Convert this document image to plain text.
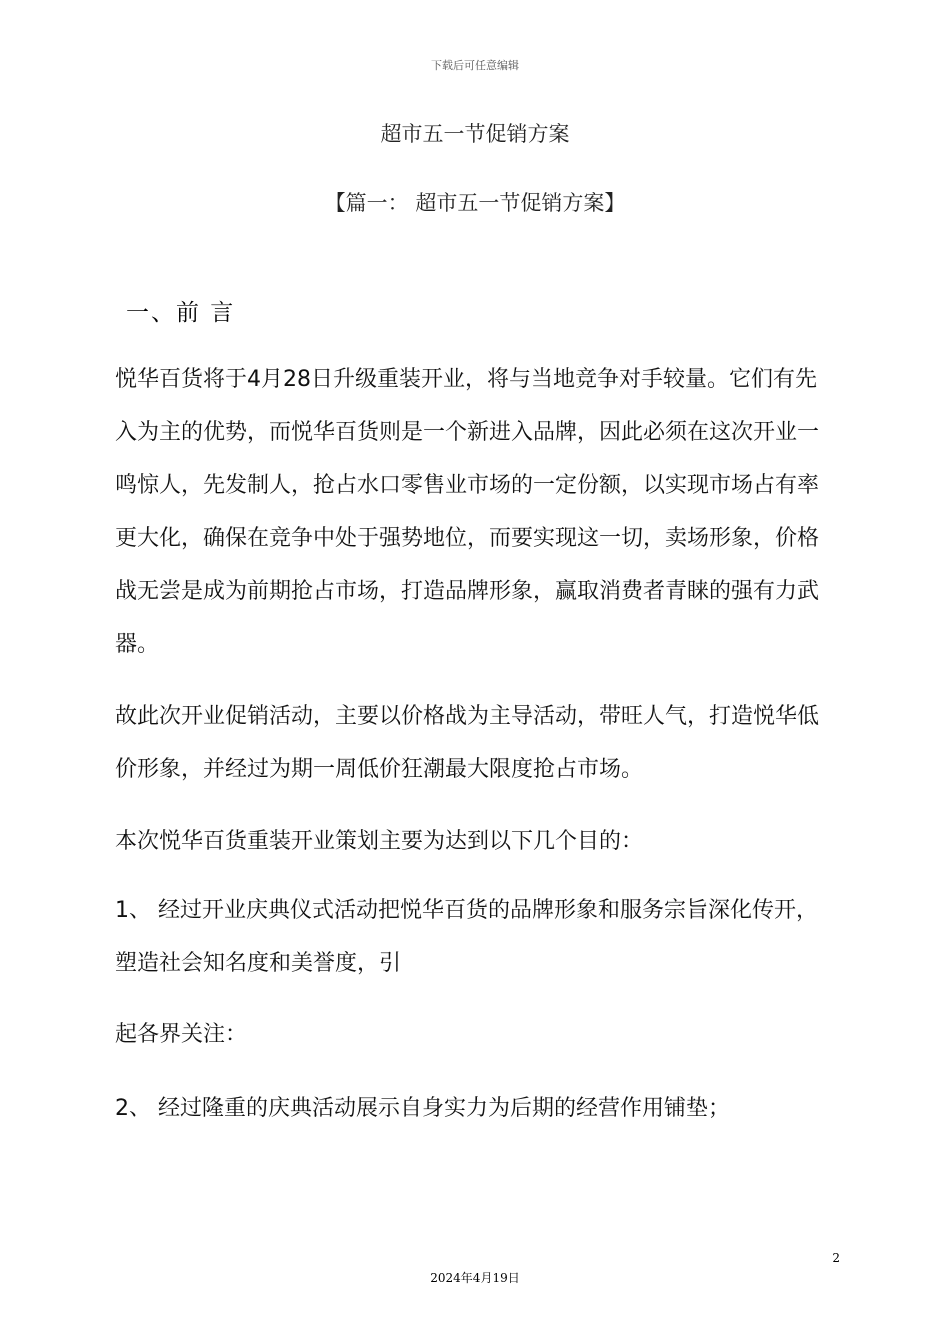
下载后可任意编辑
超市五一节促销方案
【篇一： 超市五一节促销方案】
一、前 言
悦华百货将于4月28日升级重装开业，将与当地竞争对手较量。它们有先入为主的优势，而悦华百货则是一个新进入品牌，因此必须在这次开业一鸣惊人，先发制人，抢占水口零售业市场的一定份额，以实现市场占有率更大化，确保在竞争中处于强势地位，而要实现这一切，卖场形象，价格战无尝是成为前期抢占市场，打造品牌形象，赢取消费者青睐的强有力武器。
故此次开业促销活动，主要以价格战为主导活动，带旺人气，打造悦华低价形象，并经过为期一周低价狂潮最大限度抢占市场。
本次悦华百货重装开业策划主要为达到以下几个目的：
1、 经过开业庆典仪式活动把悦华百货的品牌形象和服务宗旨深化传开，塑造社会知名度和美誉度，引
起各界关注：
2、 经过隆重的庆典活动展示自身实力为后期的经营作用铺垫；
2
2024年4月19日
